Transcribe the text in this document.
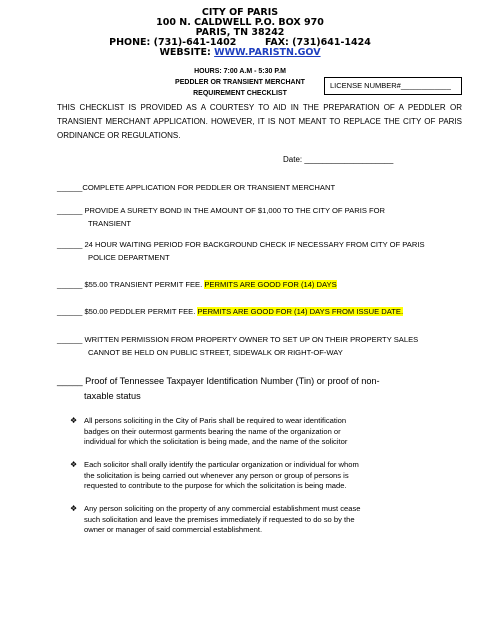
CITY OF PARIS
100 N. CALDWELL P.O. BOX 970
PARIS, TN 38242
PHONE: (731)-641-1402	FAX: (731)641-1424
WEBSITE: WWW.PARISTN.GOV
HOURS: 7:00 A.M - 5:30 P.M
PEDDLER OR TRANSIENT MERCHANT
REQUIREMENT CHECKLIST
LICENSE NUMBER#____________
THIS CHECKLIST IS PROVIDED AS A COURTESY TO AID IN THE PREPARATION OF A PEDDLER OR TRANSIENT MERCHANT APPLICATION. HOWEVER, IT IS NOT MEANT TO REPLACE THE CITY OF PARIS ORDINANCE OR REGULATIONS.
Date: ____________________
______COMPLETE APPLICATION FOR PEDDLER OR TRANSIENT MERCHANT
______ PROVIDE A SURETY BOND IN THE AMOUNT OF $1,000 TO THE CITY OF PARIS FOR
TRANSIENT
______ 24 HOUR WAITING PERIOD FOR BACKGROUND CHECK IF NECESSARY FROM CITY OF PARIS
POLICE DEPARTMENT
______ $55.00 TRANSIENT PERMIT FEE. PERMITS ARE GOOD FOR (14) DAYS
______ $50.00 PEDDLER PERMIT FEE. PERMITS ARE GOOD FOR (14) DAYS FROM ISSUE DATE.
______ WRITTEN PERMISSION FROM PROPERTY OWNER TO SET UP ON THEIR PROPERTY SALES
CANNOT BE HELD ON PUBLIC STREET, SIDEWALK OR RIGHT-OF-WAY
_____ Proof of Tennessee Taxpayer Identification Number (Tin) or proof of non-
taxable status
❖ All persons soliciting in the City of Paris shall be required to wear identification
badges on their outermost garments bearing the name of the organization or
individual for which the solicitation is being made, and the name of the solicitor
❖ Each solicitor shall orally identify the particular organization or individual for whom
the solicitation is being carried out whenever any person or group of persons is
requested to contribute to the purpose for which the solicitation is being made.
❖ Any person soliciting on the property of any commercial establishment must cease
such solicitation and leave the premises immediately if requested to do so by the
owner or manager of said commercial establishment.
